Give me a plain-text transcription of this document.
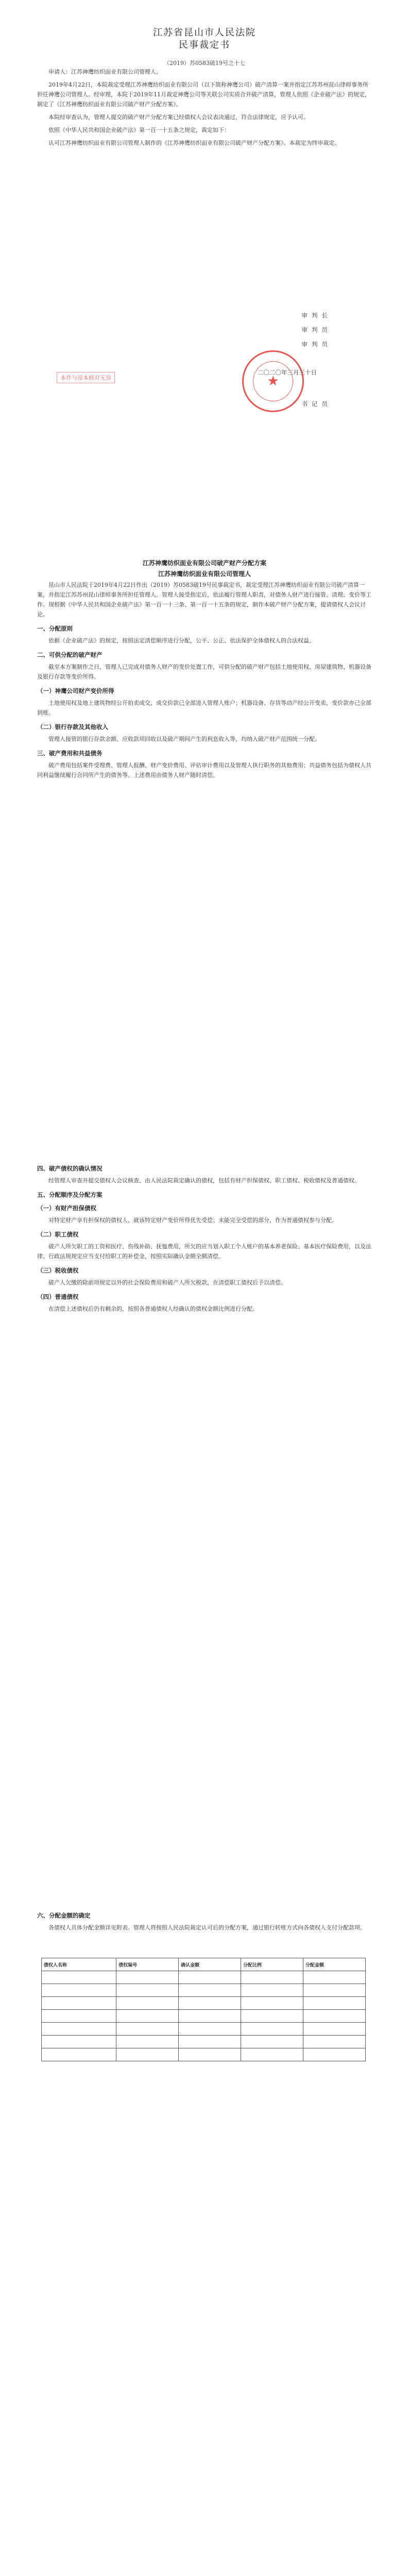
江苏省昆山市人民法院
民事裁定书
（2019）苏0583破19号之十七

申请人：江苏神鹰纺织面业有限公司管理人。

2019年4月22日，本院裁定受理江苏神鹰纺织面业有限公司（以下简称神鹰公司）破产清算一案并指定江苏苏州昆山律师事务所担任神鹰公司管理人。经审理，本院于2019年11月裁定神鹰公司等关联公司实质合并破产清算，管理人依照《企业破产法》的规定，制定了《江苏神鹰纺织面业有限公司破产财产分配方案》。

本院经审查认为，管理人提交的破产财产分配方案已经债权人会议表决通过，符合法律规定，应予认可。

依照《中华人民共和国企业破产法》第一百一十五条之规定，裁定如下：

认可江苏神鹰纺织面业有限公司管理人制作的《江苏神鹰纺织面业有限公司破产财产分配方案》。本裁定为终审裁定。

审判长
审判员
审判员
★
二〇二〇年三月三十日
本件与原本核对无异
书记员
江苏神鹰纺织面业有限公司破产财产分配方案
江苏神鹰纺织面业有限公司管理人

昆山市人民法院于2019年4月22日作出（2019）苏0583破19号民事裁定书，裁定受理江苏神鹰纺织面业有限公司破产清算一案，并指定江苏苏州昆山律师事务所担任管理人。管理人接受指定后，依法履行管理人职责，对债务人财产进行接管、清理、变价等工作。现根据《中华人民共和国企业破产法》第一百一十三条、第一百一十五条的规定，制作本破产财产分配方案，提请债权人会议讨论。

一、分配原则

依据《企业破产法》的规定，按照法定清偿顺序进行分配，公平、公正、依法保护全体债权人的合法权益。

二、可供分配的破产财产

截至本方案制作之日，管理人已完成对债务人财产的变价处置工作，可供分配的破产财产包括土地使用权、房屋建筑物、机器设备及银行存款等变价所得。

（一）神鹰公司财产变价所得

土地使用权及地上建筑物经公开拍卖成交，成交价款已全部进入管理人账户；机器设备、存货等动产经公开变卖，变价款亦已全部到账。

（二）银行存款及其他收入

管理人接管的银行存款余额、应收款项回收以及破产期间产生的利息收入等，均纳入破产财产范围统一分配。

三、破产费用和共益债务

破产费用包括案件受理费、管理人报酬、财产变价费用、评估审计费用以及管理人执行职务的其他费用；共益债务包括为债权人共同利益继续履行合同所产生的债务等。上述费用由债务人财产随时清偿。

四、破产债权的确认情况

经管理人审查并提交债权人会议核查、由人民法院裁定确认的债权，包括有财产担保债权、职工债权、税收债权及普通债权。

五、分配顺序及分配方案
（一）有财产担保债权

对特定财产享有担保权的债权人，就该特定财产变价所得优先受偿；未能完全受偿的部分，作为普通债权参与分配。

（二）职工债权

破产人所欠职工的工资和医疗、伤残补助、抚恤费用，所欠的应当划入职工个人账户的基本养老保险、基本医疗保险费用，以及法律、行政法规规定应当支付给职工的补偿金，按照实际确认金额全额清偿。

（三）税收债权

破产人欠缴的除前项规定以外的社会保险费用和破产人所欠税款，在清偿职工债权后予以清偿。

（四）普通债权

在清偿上述债权后仍有剩余的，按照各普通债权人经确认的债权金额比例进行分配。

六、分配金额的确定

各债权人具体分配金额详见附表。管理人将按照人民法院裁定认可后的分配方案，通过银行转账方式向各债权人支付分配款项。

债权人名称	债权编号	确认金额	分配比例	分配金额
